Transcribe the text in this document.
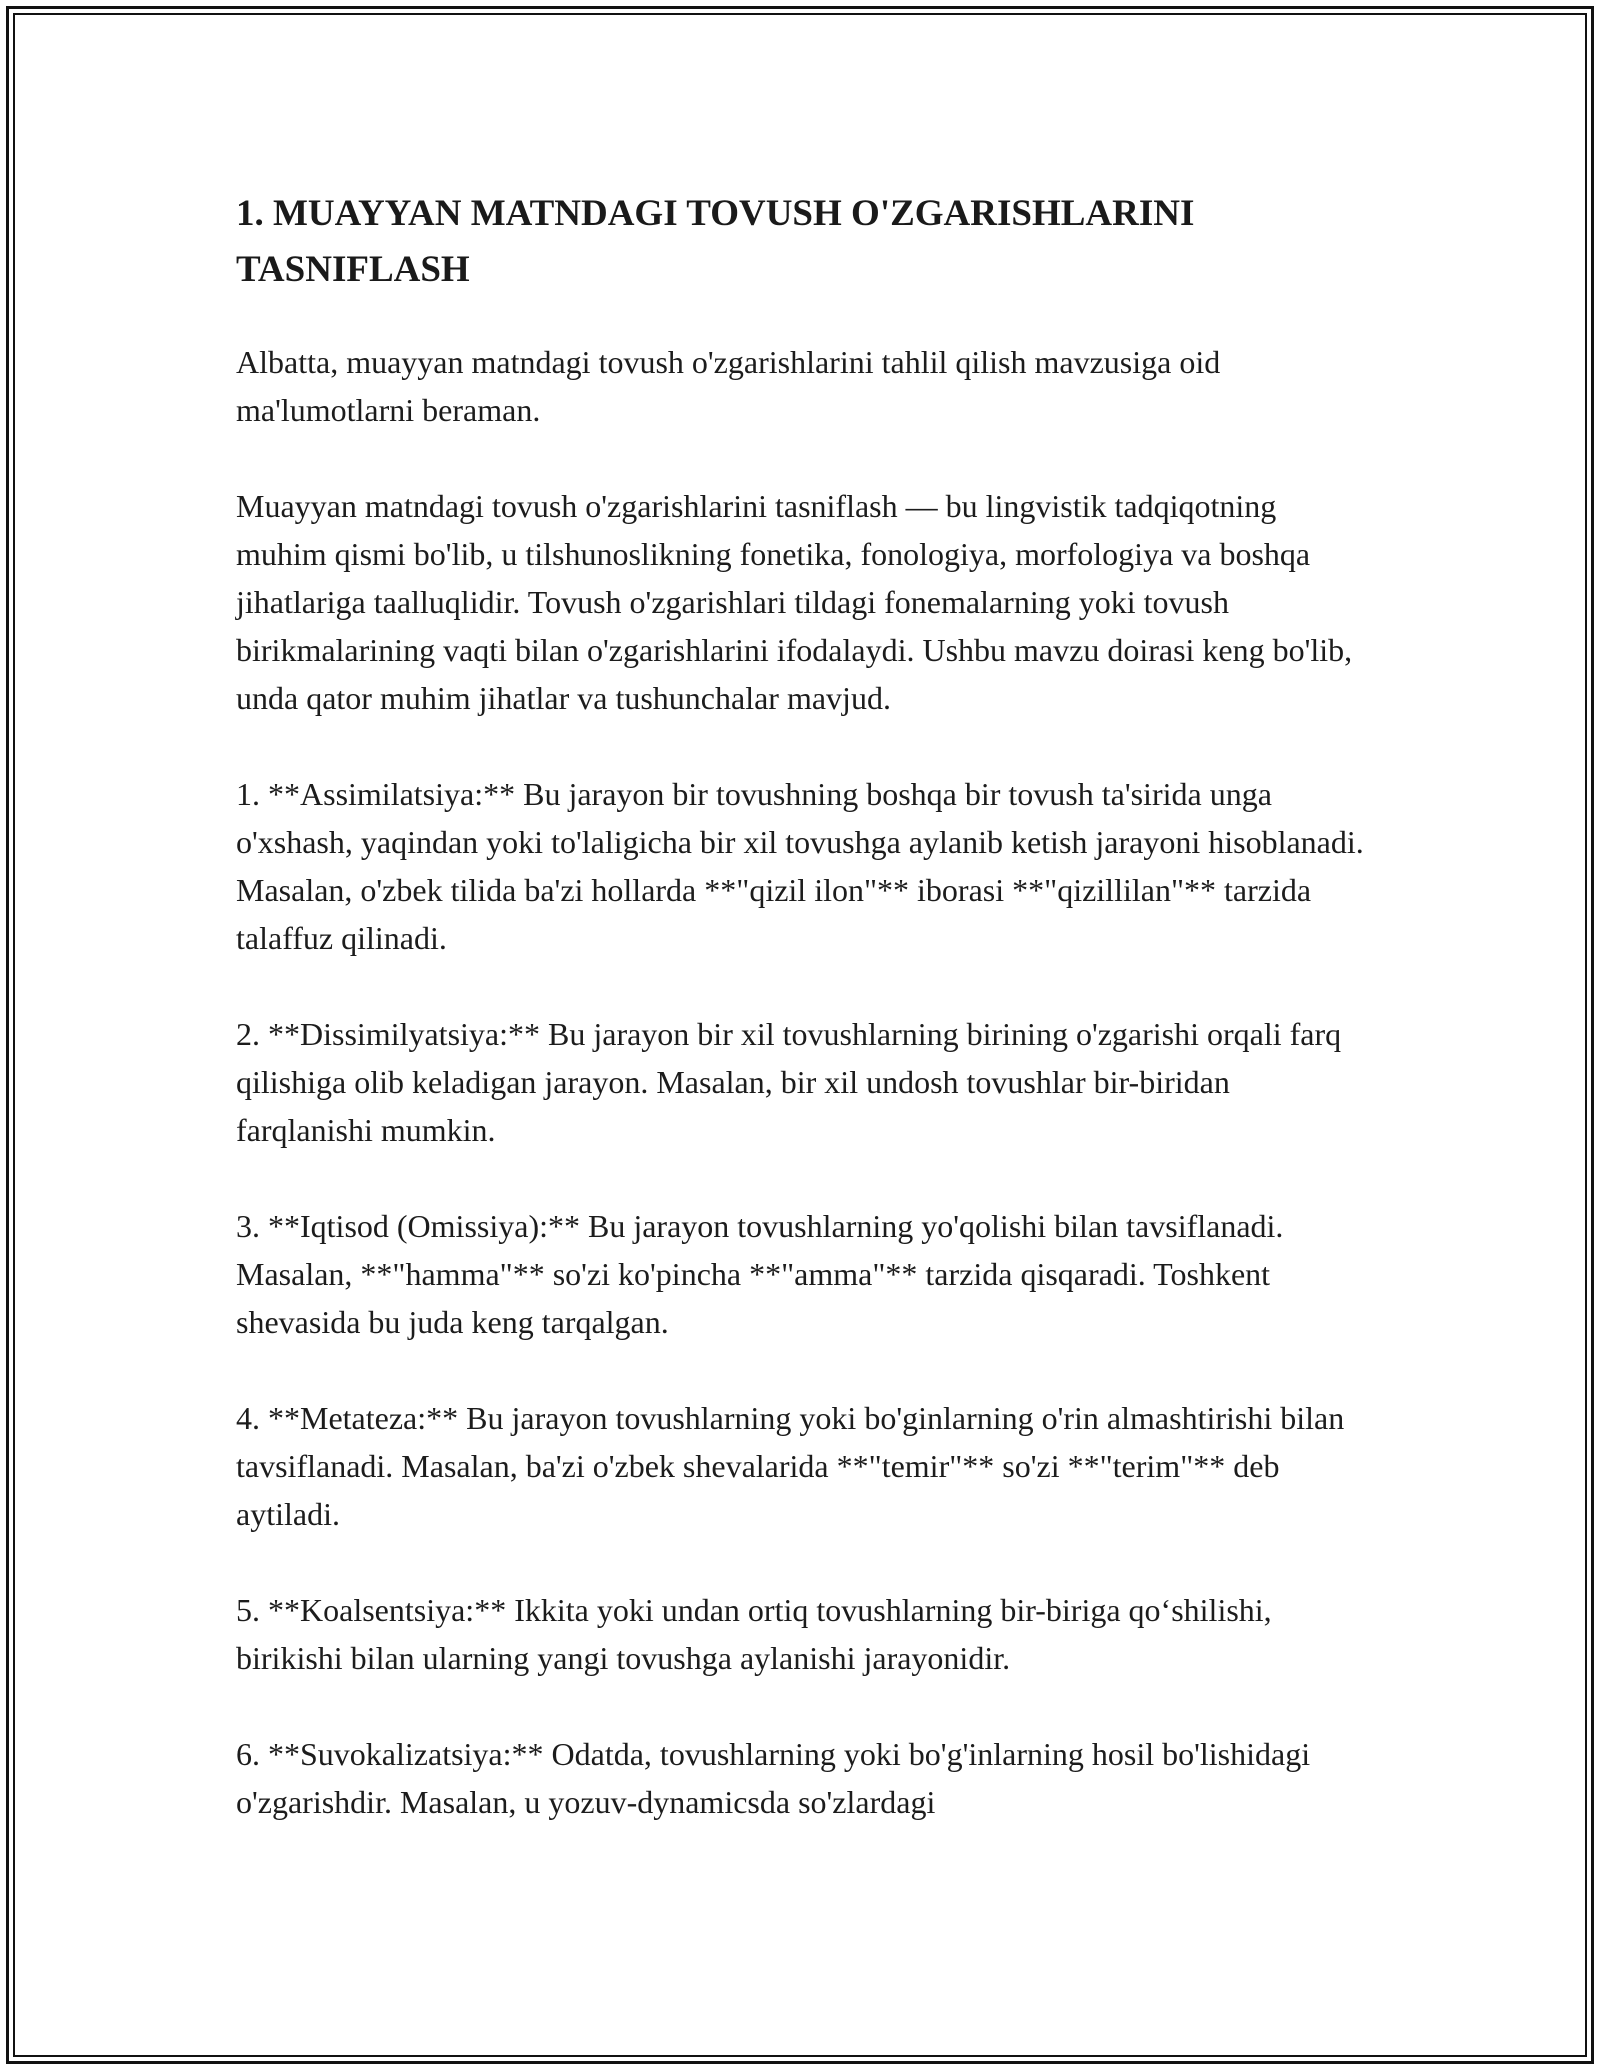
1. MUAYYAN MATNDAGI TOVUSH O'ZGARISHLARINI TASNIFLASH

Albatta, muayyan matndagi tovush o'zgarishlarini tahlil qilish mavzusiga oid ma'lumotlarni beraman.

Muayyan matndagi tovush o'zgarishlarini tasniflash — bu lingvistik tadqiqotning muhim qismi bo'lib, u tilshunoslikning fonetika, fonologiya, morfologiya va boshqa jihatlariga taalluqlidir. Tovush o'zgarishlari tildagi fonemalarning yoki tovush birikmalarining vaqti bilan o'zgarishlarini ifodalaydi. Ushbu mavzu doirasi keng bo'lib, unda qator muhim jihatlar va tushunchalar mavjud.

1. **Assimilatsiya:** Bu jarayon bir tovushning boshqa bir tovush ta'sirida unga o'xshash, yaqindan yoki to'laligicha bir xil tovushga aylanib ketish jarayoni hisoblanadi. Masalan, o'zbek tilida ba'zi hollarda **"qizil ilon"** iborasi **"qizillilan"** tarzida talaffuz qilinadi.

2. **Dissimilyatsiya:** Bu jarayon bir xil tovushlarning birining o'zgarishi orqali farq qilishiga olib keladigan jarayon. Masalan, bir xil undosh tovushlar bir-biridan farqlanishi mumkin.

3. **Iqtisod (Omissiya):** Bu jarayon tovushlarning yo'qolishi bilan tavsiflanadi. Masalan, **"hamma"** so'zi ko'pincha **"amma"** tarzida qisqaradi. Toshkent shevasida bu juda keng tarqalgan.

4. **Metateza:** Bu jarayon tovushlarning yoki bo'ginlarning o'rin almashtirishi bilan tavsiflanadi. Masalan, ba'zi o'zbek shevalarida **"temir"** so'zi **"terim"** deb aytiladi.

5. **Koalsentsiya:** Ikkita yoki undan ortiq tovushlarning bir-biriga qo‘shilishi, birikishi bilan ularning yangi tovushga aylanishi jarayonidir.

6. **Suvokalizatsiya:** Odatda, tovushlarning yoki bo'g'inlarning hosil bo'lishidagi o'zgarishdir. Masalan, u yozuv-dynamicsda so'zlardagi
